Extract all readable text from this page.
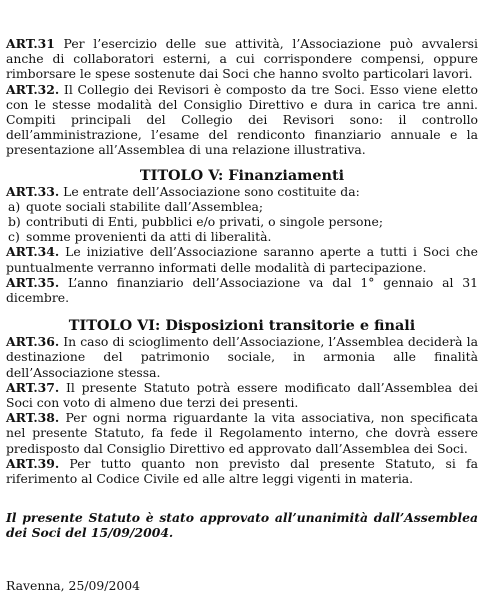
ART.31 Per l’esercizio delle sue attività, l’Associazione può avvalersi anche di collaboratori esterni, a cui corrispondere compensi, oppure rimborsare le spese sostenute dai Soci che hanno svolto particolari lavori.

ART.32. Il Collegio dei Revisori è composto da tre Soci. Esso viene eletto con le stesse modalità del Consiglio Direttivo e dura in carica tre anni. Compiti principali del Collegio dei Revisori sono: il controllo dell’amministrazione, l’esame del rendiconto finanziario annuale e la presentazione all’Assemblea di una relazione illustrativa.

TITOLO V: Finanziamenti

ART.33. Le entrate dell’Associazione sono costituite da:

a) quote sociali stabilite dall’Assemblea;
b) contributi di Enti, pubblici e/o privati, o singole persone;
c) somme provenienti da atti di liberalità.

ART.34. Le iniziative dell’Associazione saranno aperte a tutti i Soci che puntualmente verranno informati delle modalità di partecipazione.

ART.35. L’anno finanziario dell’Associazione va dal 1° gennaio al 31 dicembre.

TITOLO VI: Disposizioni transitorie e finali

ART.36. In caso di scioglimento dell’Associazione, l’Assemblea deciderà la destinazione del patrimonio sociale, in armonia alle finalità dell’Associazione stessa.

ART.37. Il presente Statuto potrà essere modificato dall’Assemblea dei Soci con voto di almeno due terzi dei presenti.

ART.38. Per ogni norma riguardante la vita associativa, non specificata nel presente Statuto, fa fede il Regolamento interno, che dovrà essere predisposto dal Consiglio Direttivo ed approvato dall’Assemblea dei Soci.

ART.39. Per tutto quanto non previsto dal presente Statuto, si fa riferimento al Codice Civile ed alle altre leggi vigenti in materia.

Il presente Statuto è stato approvato all’unanimità dall’Assemblea dei Soci del 15/09/2004.

Ravenna, 25/09/2004
